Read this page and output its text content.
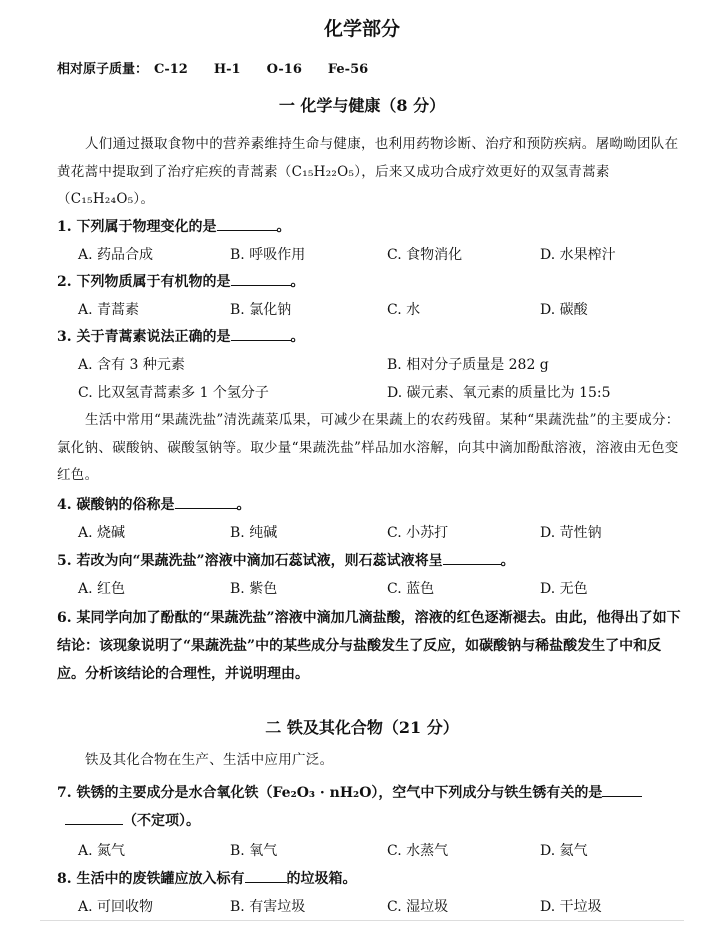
化学部分
相对原子质量： C-12 H-1 O-16 Fe-56
一 化学与健康（8 分）
人们通过摄取食物中的营养素维持生命与健康，也利用药物诊断、治疗和预防疾病。屠呦呦团队在黄花蒿中提取到了治疗疟疾的青蒿素（C₁₅H₂₂O₅），后来又成功合成疗效更好的双氢青蒿素（C₁₅H₂₄O₅）。
1. 下列属于物理变化的是	。
A. 药品合成	B. 呼吸作用	C. 食物消化	D. 水果榨汁
2. 下列物质属于有机物的是	。
A. 青蒿素	B. 氯化钠	C. 水	D. 碳酸
3. 关于青蒿素说法正确的是	。
A. 含有 3 种元素	B. 相对分子质量是 282 g
C. 比双氢青蒿素多 1 个氢分子	D. 碳元素、氧元素的质量比为 15:5
生活中常用“果蔬洗盐”清洗蔬菜瓜果，可减少在果蔬上的农药残留。某种“果蔬洗盐”的主要成分：氯化钠、碳酸钠、碳酸氢钠等。取少量“果蔬洗盐”样品加水溶解，向其中滴加酚酞溶液，溶液由无色变红色。
4. 碳酸钠的俗称是	。
A. 烧碱	B. 纯碱	C. 小苏打	D. 苛性钠
5. 若改为向“果蔬洗盐”溶液中滴加石蕊试液，则石蕊试液将呈	。
A. 红色	B. 紫色	C. 蓝色	D. 无色
6. 某同学向加了酚酞的“果蔬洗盐”溶液中滴加几滴盐酸，溶液的红色逐渐褪去。由此，他得出了如下结论：该现象说明了“果蔬洗盐”中的某些成分与盐酸发生了反应，如碳酸钠与稀盐酸发生了中和反应。分析该结论的合理性，并说明理由。
二 铁及其化合物（21 分）
铁及其化合物在生产、生活中应用广泛。
7. 铁锈的主要成分是水合氧化铁（Fe₂O₃ · nH₂O），空气中下列成分与铁生锈有关的是
（不定项）。
A. 氮气	B. 氧气	C. 水蒸气	D. 氦气
8. 生活中的废铁罐应放入标有	的垃圾箱。
A. 可回收物	B. 有害垃圾	C. 湿垃圾	D. 干垃圾
